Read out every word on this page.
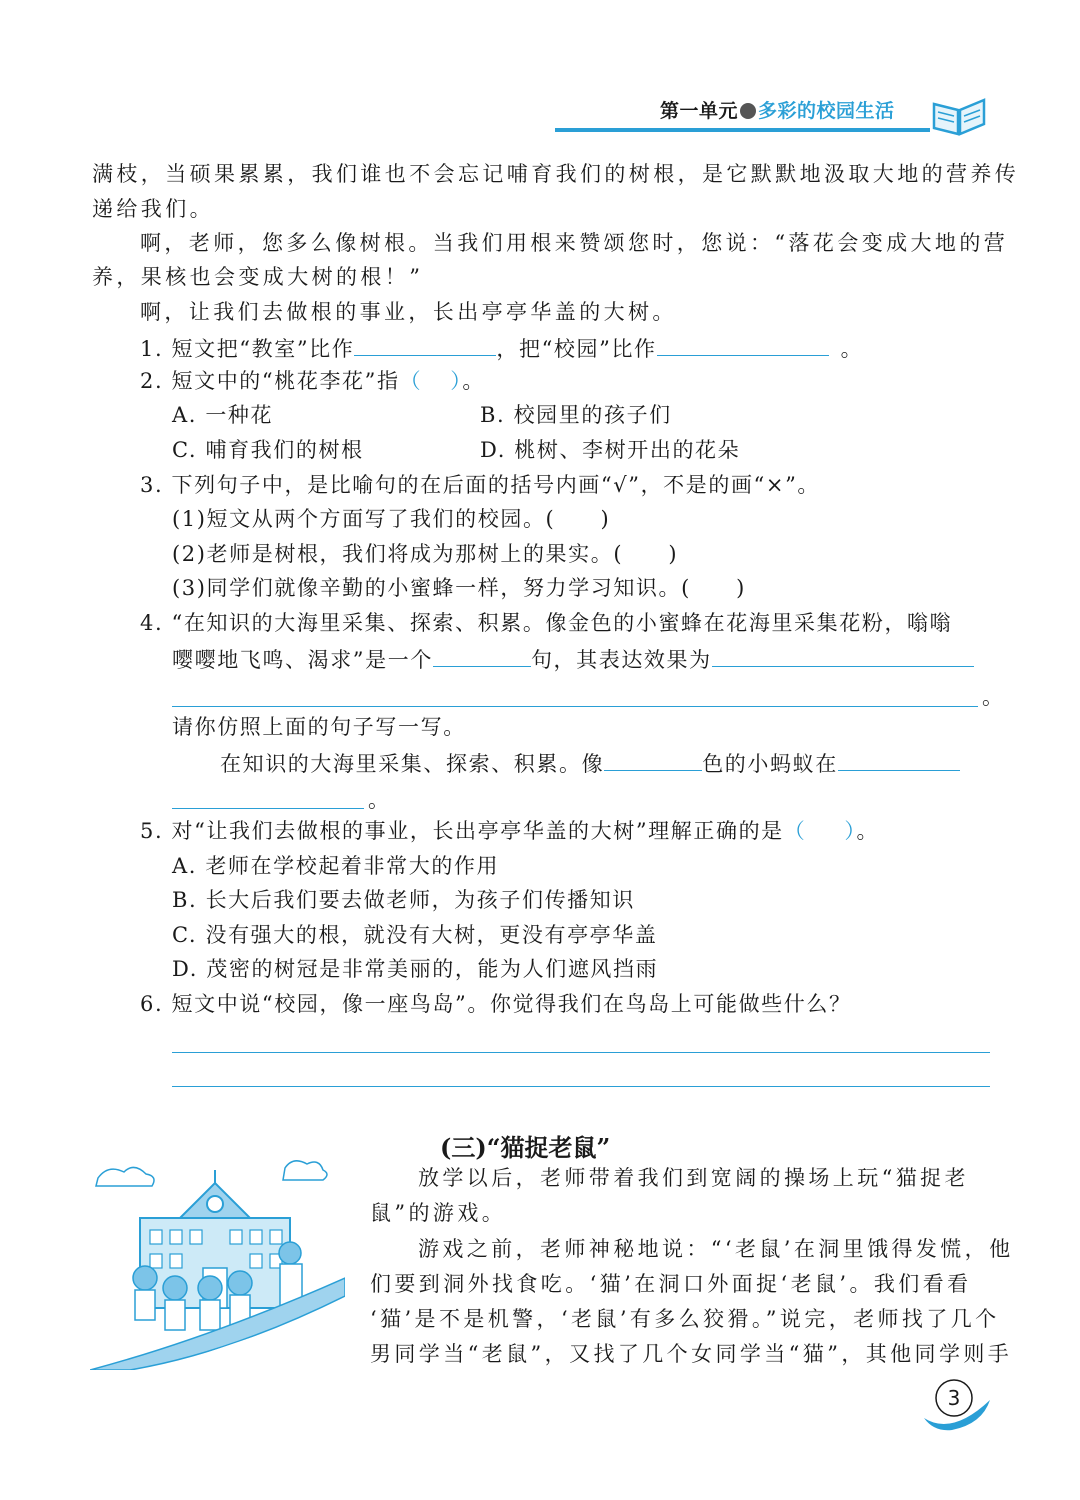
第一单元 多彩的校园生活
满枝，当硕果累累，我们谁也不会忘记哺育我们的树根，是它默默地汲取大地的营养传
递给我们。
啊，老师，您多么像树根。当我们用根来赞颂您时，您说：“落花会变成大地的营
养，果核也会变成大树的根！”
啊，让我们去做根的事业，长出亭亭华盖的大树。
1. 短文把“教室”比作	，把“校园”比作	。
2. 短文中的“桃花李花”指（ ）。
A. 一种花	B. 校园里的孩子们
C. 哺育我们的树根	D. 桃树、李树开出的花朵
3. 下列句子中，是比喻句的在后面的括号内画“√”，不是的画“×”。
(1)短文从两个方面写了我们的校园。(　　)
(2)老师是树根，我们将成为那树上的果实。(　　)
(3)同学们就像辛勤的小蜜蜂一样，努力学习知识。(　　)
4. “在知识的大海里采集、探索、积累。像金色的小蜜蜂在花海里采集花粉，嗡嗡
嘤嘤地飞鸣、渴求”是一个	句，其表达效果为
。
请你仿照上面的句子写一写。
在知识的大海里采集、探索、积累。像	色的小蚂蚁在
。
5. 对“让我们去做根的事业，长出亭亭华盖的大树”理解正确的是（ ）。
A. 老师在学校起着非常大的作用
B. 长大后我们要去做老师，为孩子们传播知识
C. 没有强大的根，就没有大树，更没有亭亭华盖
D. 茂密的树冠是非常美丽的，能为人们遮风挡雨
6. 短文中说“校园，像一座鸟岛”。你觉得我们在鸟岛上可能做些什么？
(三)“猫捉老鼠”
放学以后，老师带着我们到宽阔的操场上玩“猫捉老
鼠”的游戏。
游戏之前，老师神秘地说：“‘老鼠’在洞里饿得发慌，他
们要到洞外找食吃。‘猫’在洞口外面捉‘老鼠’。我们看看
‘猫’是不是机警，‘老鼠’有多么狡猾。”说完，老师找了几个
男同学当“老鼠”，又找了几个女同学当“猫”，其他同学则手
3
